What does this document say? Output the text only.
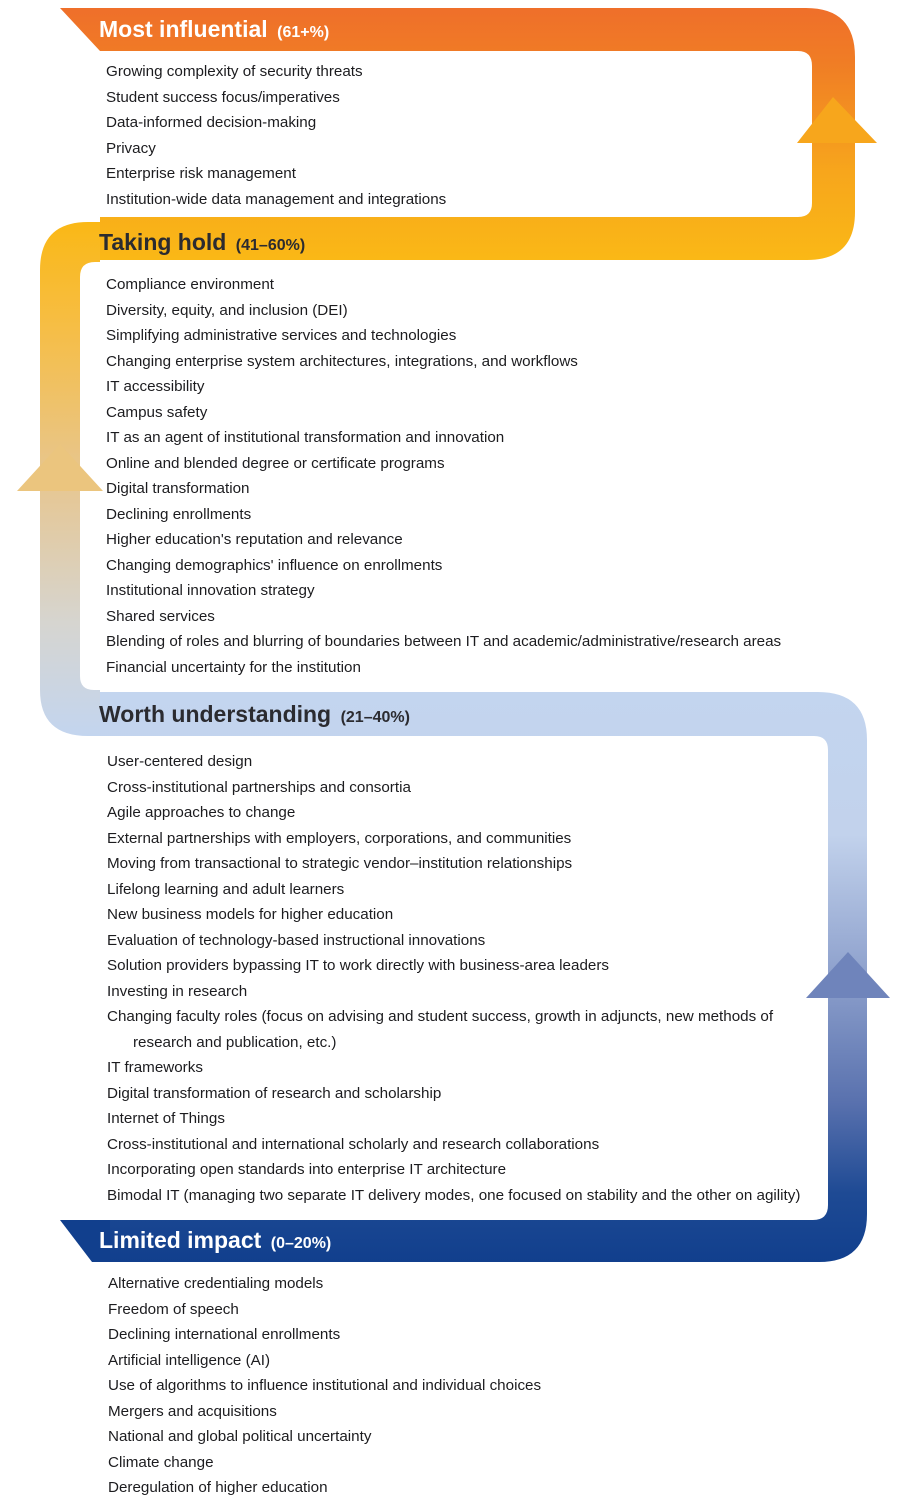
Most influential (61+%)
Growing complexity of security threats
Student success focus/imperatives
Data-informed decision-making
Privacy
Enterprise risk management
Institution-wide data management and integrations
Taking hold (41–60%)
Compliance environment
Diversity, equity, and inclusion (DEI)
Simplifying administrative services and technologies
Changing enterprise system architectures, integrations, and workflows
IT accessibility
Campus safety
IT as an agent of institutional transformation and innovation
Online and blended degree or certificate programs
Digital transformation
Declining enrollments
Higher education's reputation and relevance
Changing demographics' influence on enrollments
Institutional innovation strategy
Shared services
Blending of roles and blurring of boundaries between IT and academic/administrative/research areas
Financial uncertainty for the institution
Worth understanding (21–40%)
User-centered design
Cross-institutional partnerships and consortia
Agile approaches to change
External partnerships with employers, corporations, and communities
Moving from transactional to strategic vendor–institution relationships
Lifelong learning and adult learners
New business models for higher education
Evaluation of technology-based instructional innovations
Solution providers bypassing IT to work directly with business-area leaders
Investing in research
Changing faculty roles (focus on advising and student success, growth in adjuncts, new methods of research and publication, etc.)
IT frameworks
Digital transformation of research and scholarship
Internet of Things
Cross-institutional and international scholarly and research collaborations
Incorporating open standards into enterprise IT architecture
Bimodal IT (managing two separate IT delivery modes, one focused on stability and the other on agility)
Limited impact (0–20%)
Alternative credentialing models
Freedom of speech
Declining international enrollments
Artificial intelligence (AI)
Use of algorithms to influence institutional and individual choices
Mergers and acquisitions
National and global political uncertainty
Climate change
Deregulation of higher education
